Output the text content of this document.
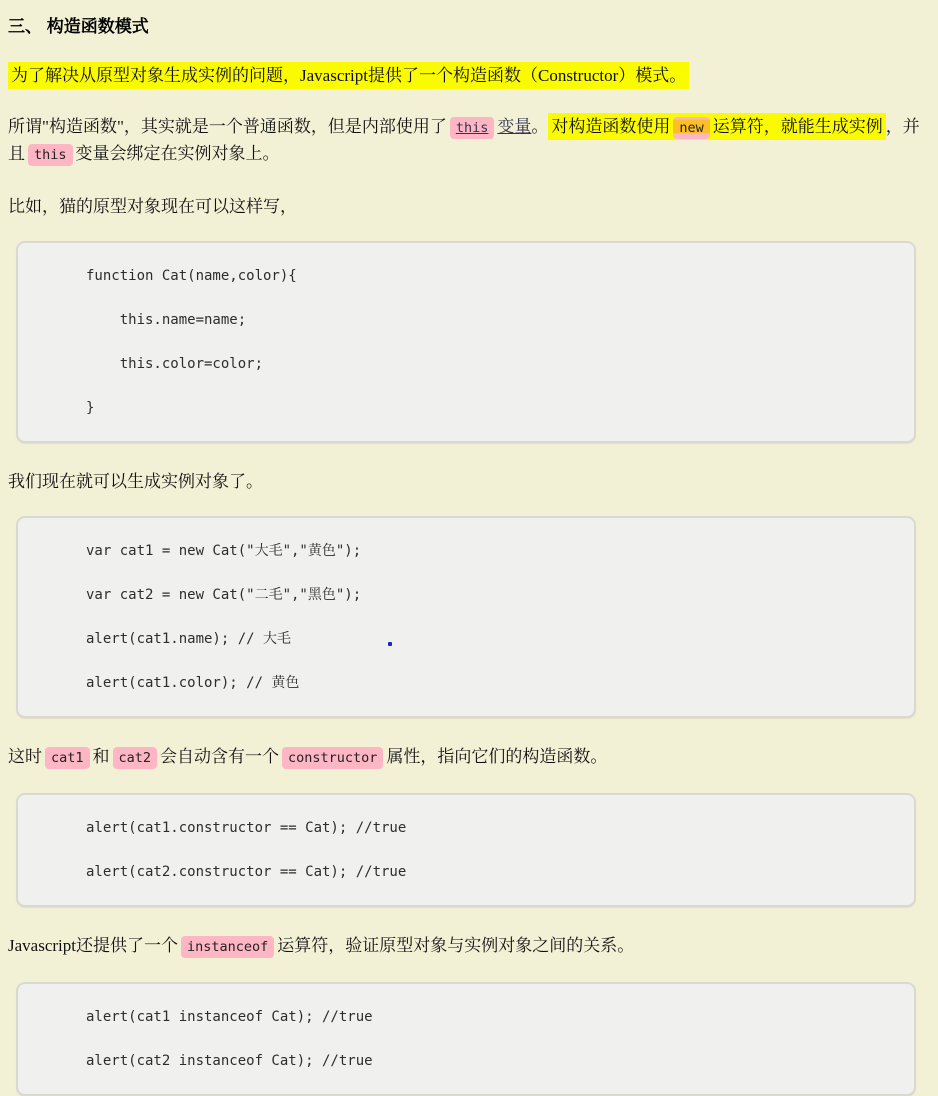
三、 构造函数模式

为了解决从原型对象生成实例的问题，Javascript提供了一个构造函数（Constructor）模式。

所谓"构造函数"，其实就是一个普通函数，但是内部使用了 this 变量。 对构造函数使用 new 运算符，就能生成实例 ，并且 this 变量会绑定在实例对象上。

比如，猫的原型对象现在可以这样写，

function Cat(name,color){
this.name=name;
this.color=color;
}

我们现在就可以生成实例对象了。

var cat1 = new Cat("大毛","黄色");
var cat2 = new Cat("二毛","黑色");
alert(cat1.name); // 大毛
alert(cat1.color); // 黄色

这时 cat1 和 cat2 会自动含有一个 constructor 属性，指向它们的构造函数。

alert(cat1.constructor == Cat); //true
alert(cat2.constructor == Cat); //true

Javascript还提供了一个 instanceof 运算符，验证原型对象与实例对象之间的关系。

alert(cat1 instanceof Cat); //true
alert(cat2 instanceof Cat); //true
